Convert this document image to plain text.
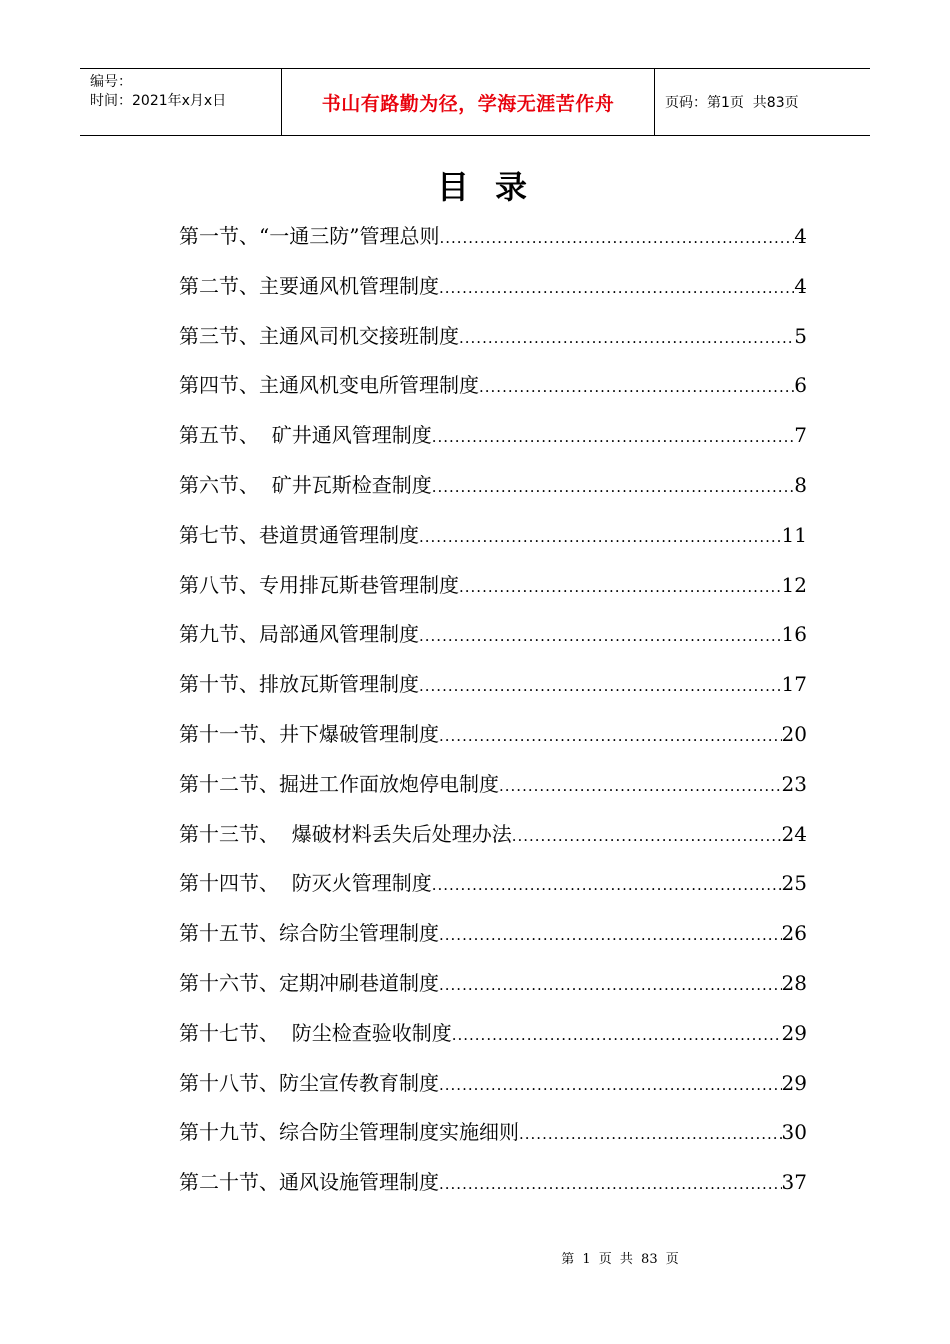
编号：
时间：2021年x月x日	书山有路勤为径，学海无涯苦作舟	页码：第1页  共83页
目录
第一节、“一通三防”管理总则 .....	4
第二节、主要通风机管理制度 .....	4
第三节、主通风司机交接班制度 .....	5
第四节、主通风机变电所管理制度 .....	6
第五节、  矿井通风管理制度 .....	7
第六节、  矿井瓦斯检查制度 .....	8
第七节、巷道贯通管理制度 .....	11
第八节、专用排瓦斯巷管理制度 .....	12
第九节、局部通风管理制度 .....	16
第十节、排放瓦斯管理制度 .....	17
第十一节、井下爆破管理制度 .....	20
第十二节、掘进工作面放炮停电制度 .....	23
第十三节、  爆破材料丢失后处理办法 .....	24
第十四节、  防灭火管理制度 .....	25
第十五节、综合防尘管理制度 .....	26
第十六节、定期冲刷巷道制度 .....	28
第十七节、  防尘检查验收制度 .....	29
第十八节、防尘宣传教育制度 .....	29
第十九节、综合防尘管理制度实施细则 .....	30
第二十节、通风设施管理制度 .....	37
第 1 页 共 83 页
